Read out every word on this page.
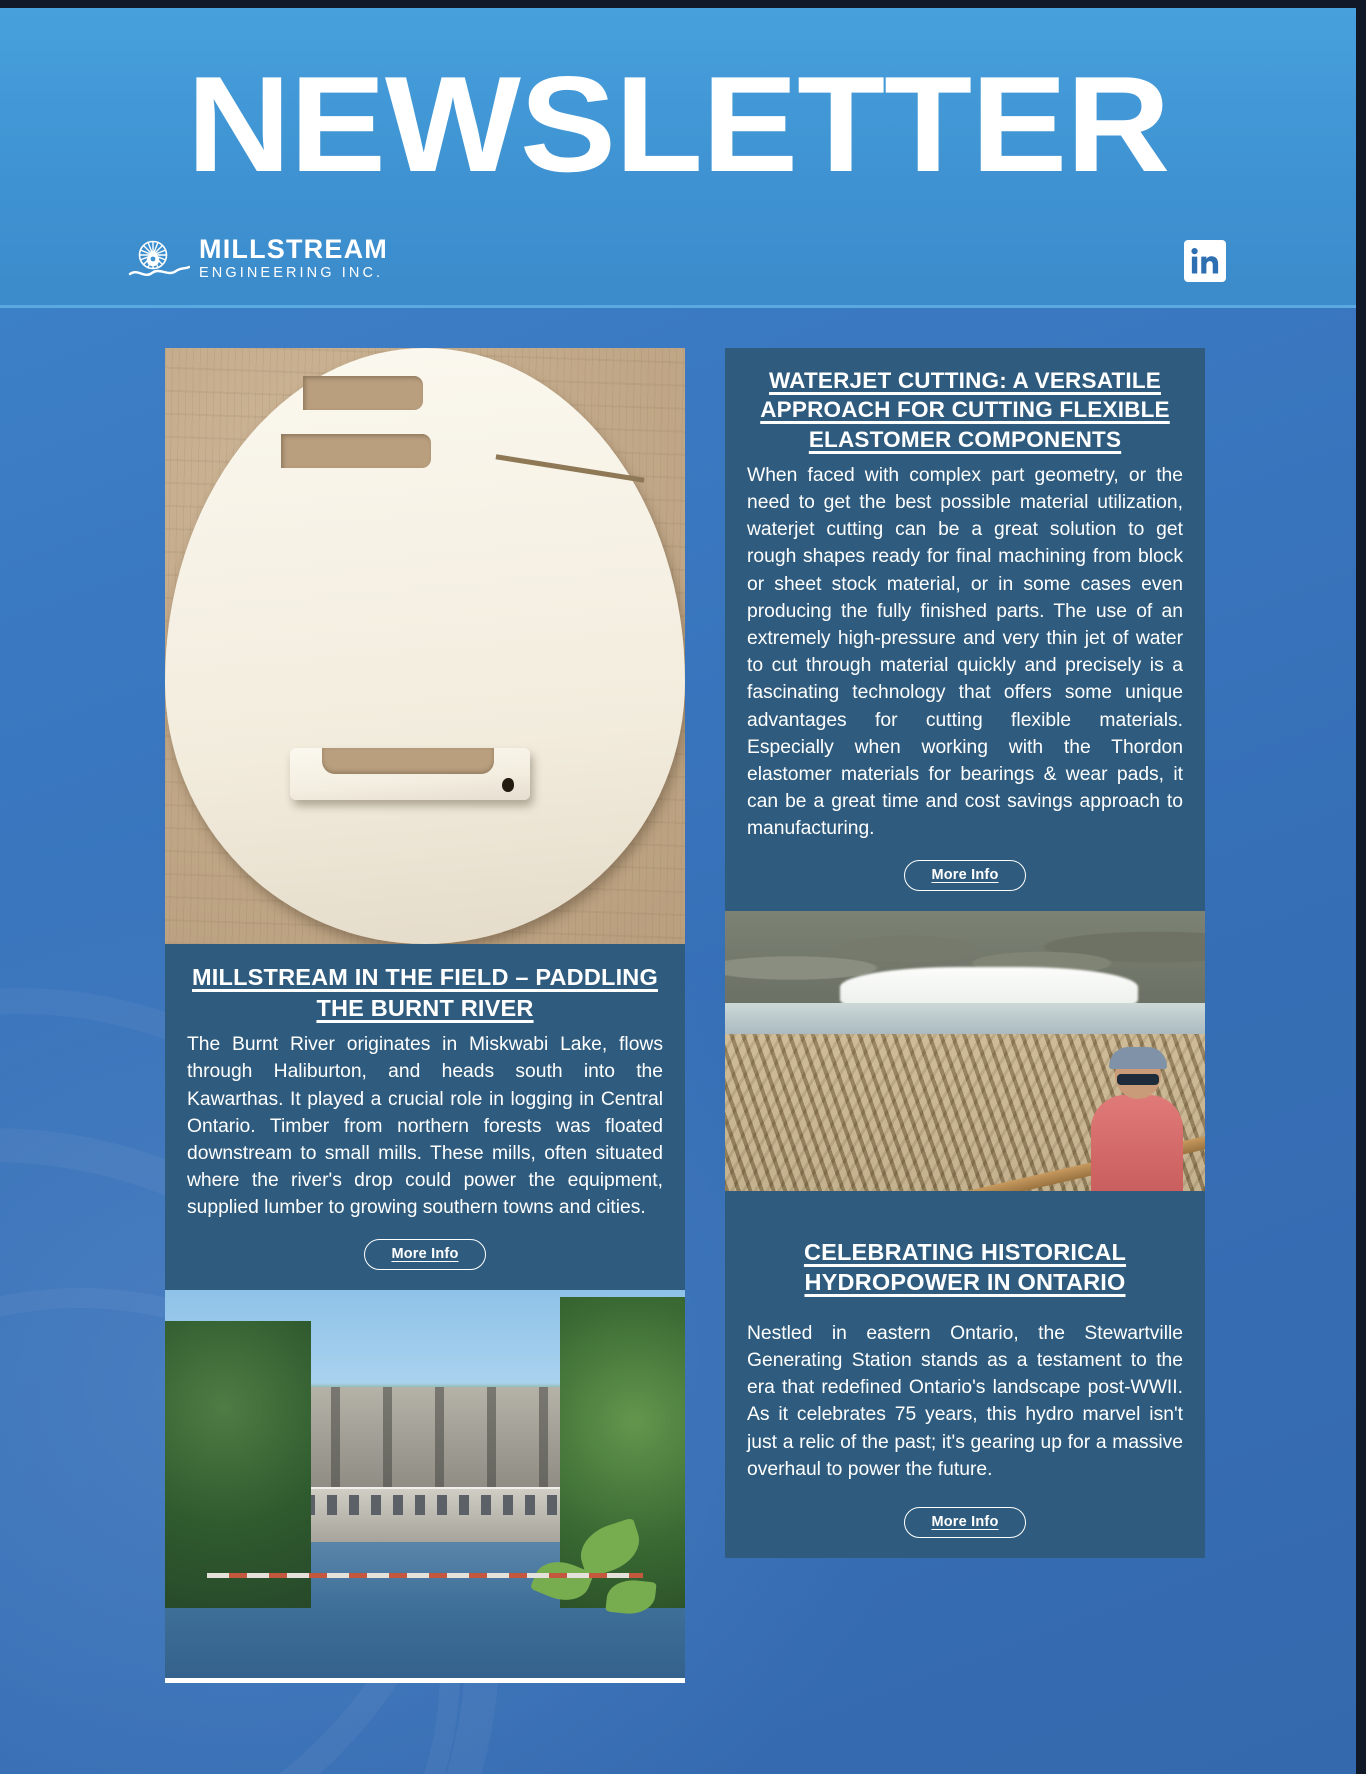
NEWSLETTER
MILLSTREAM
ENGINEERING INC.
MILLSTREAM IN THE FIELD – PADDLING THE BURNT RIVER
The Burnt River originates in Miskwabi Lake, flows through Haliburton, and heads south into the Kawarthas. It played a crucial role in logging in Central Ontario. Timber from northern forests was floated downstream to small mills. These mills, often situated where the river's drop could power the equipment, supplied lumber to growing southern towns and cities.
More Info
WATERJET CUTTING: A VERSATILE APPROACH FOR CUTTING FLEXIBLE ELASTOMER COMPONENTS
When faced with complex part geometry, or the need to get the best possible material utilization, waterjet cutting can be a great solution to get rough shapes ready for final machining from block or sheet stock material, or in some cases even producing the fully finished parts. The use of an extremely high-pressure and very thin jet of water to cut through material quickly and precisely is a fascinating technology that offers some unique advantages for cutting flexible materials. Especially when working with the Thordon elastomer materials for bearings & wear pads, it can be a great time and cost savings approach to manufacturing.
More Info
CELEBRATING HISTORICAL HYDROPOWER IN ONTARIO
Nestled in eastern Ontario, the Stewartville Generating Station stands as a testament to the era that redefined Ontario's landscape post-WWII. As it celebrates 75 years, this hydro marvel isn't just a relic of the past; it's gearing up for a massive overhaul to power the future.
More Info
